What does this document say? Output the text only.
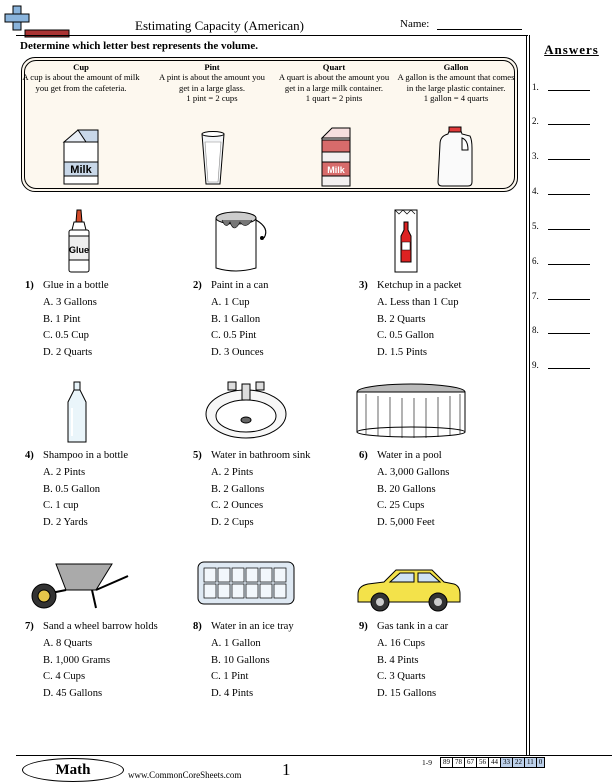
Estimating Capacity (American)	Name:
Determine which letter best represents the volume.	Answers
1.
2.
3.
4.
5.
6.
7.
8.
9.
Cup
A cup is about the amount of milk you get from the cafeteria.
Pint
A pint is about the amount you get in a large glass.
1 pint = 2 cups
Quart
A quart is about the amount you get in a large milk container.
1 quart = 2 pints
Gallon
A gallon is the amount that comes in the large plastic container.
1 gallon = 4 quarts
Milk	Milk
Glue
1) Glue in a bottle
A. 3 Gallons
B. 1 Pint
C. 0.5 Cup
D. 2 Quarts
2) Paint in a can
A. 1 Cup
B. 1 Gallon
C. 0.5 Pint
D. 3 Ounces
3) Ketchup in a packet
A. Less than 1 Cup
B. 2 Quarts
C. 0.5 Gallon
D. 1.5 Pints
4) Shampoo in a bottle
A. 2 Pints
B. 0.5 Gallon
C. 1 cup
D. 2 Yards
5) Water in bathroom sink
A. 2 Pints
B. 2 Gallons
C. 2 Ounces
D. 2 Cups
6) Water in a pool
A. 3,000 Gallons
B. 20 Gallons
C. 25 Cups
D. 5,000 Feet
7) Sand a wheel barrow holds
A. 8 Quarts
B. 1,000 Grams
C. 4 Cups
D. 45 Gallons
8) Water in an ice tray
A. 1 Gallon
B. 10 Gallons
C. 1 Pint
D. 4 Pints
9) Gas tank in a car
A. 16 Cups
B. 4 Pints
C. 3 Quarts
D. 15 Gallons
Math	www.CommonCoreSheets.com 1	1-9	89 78 67 56 44 33 22 11 0
